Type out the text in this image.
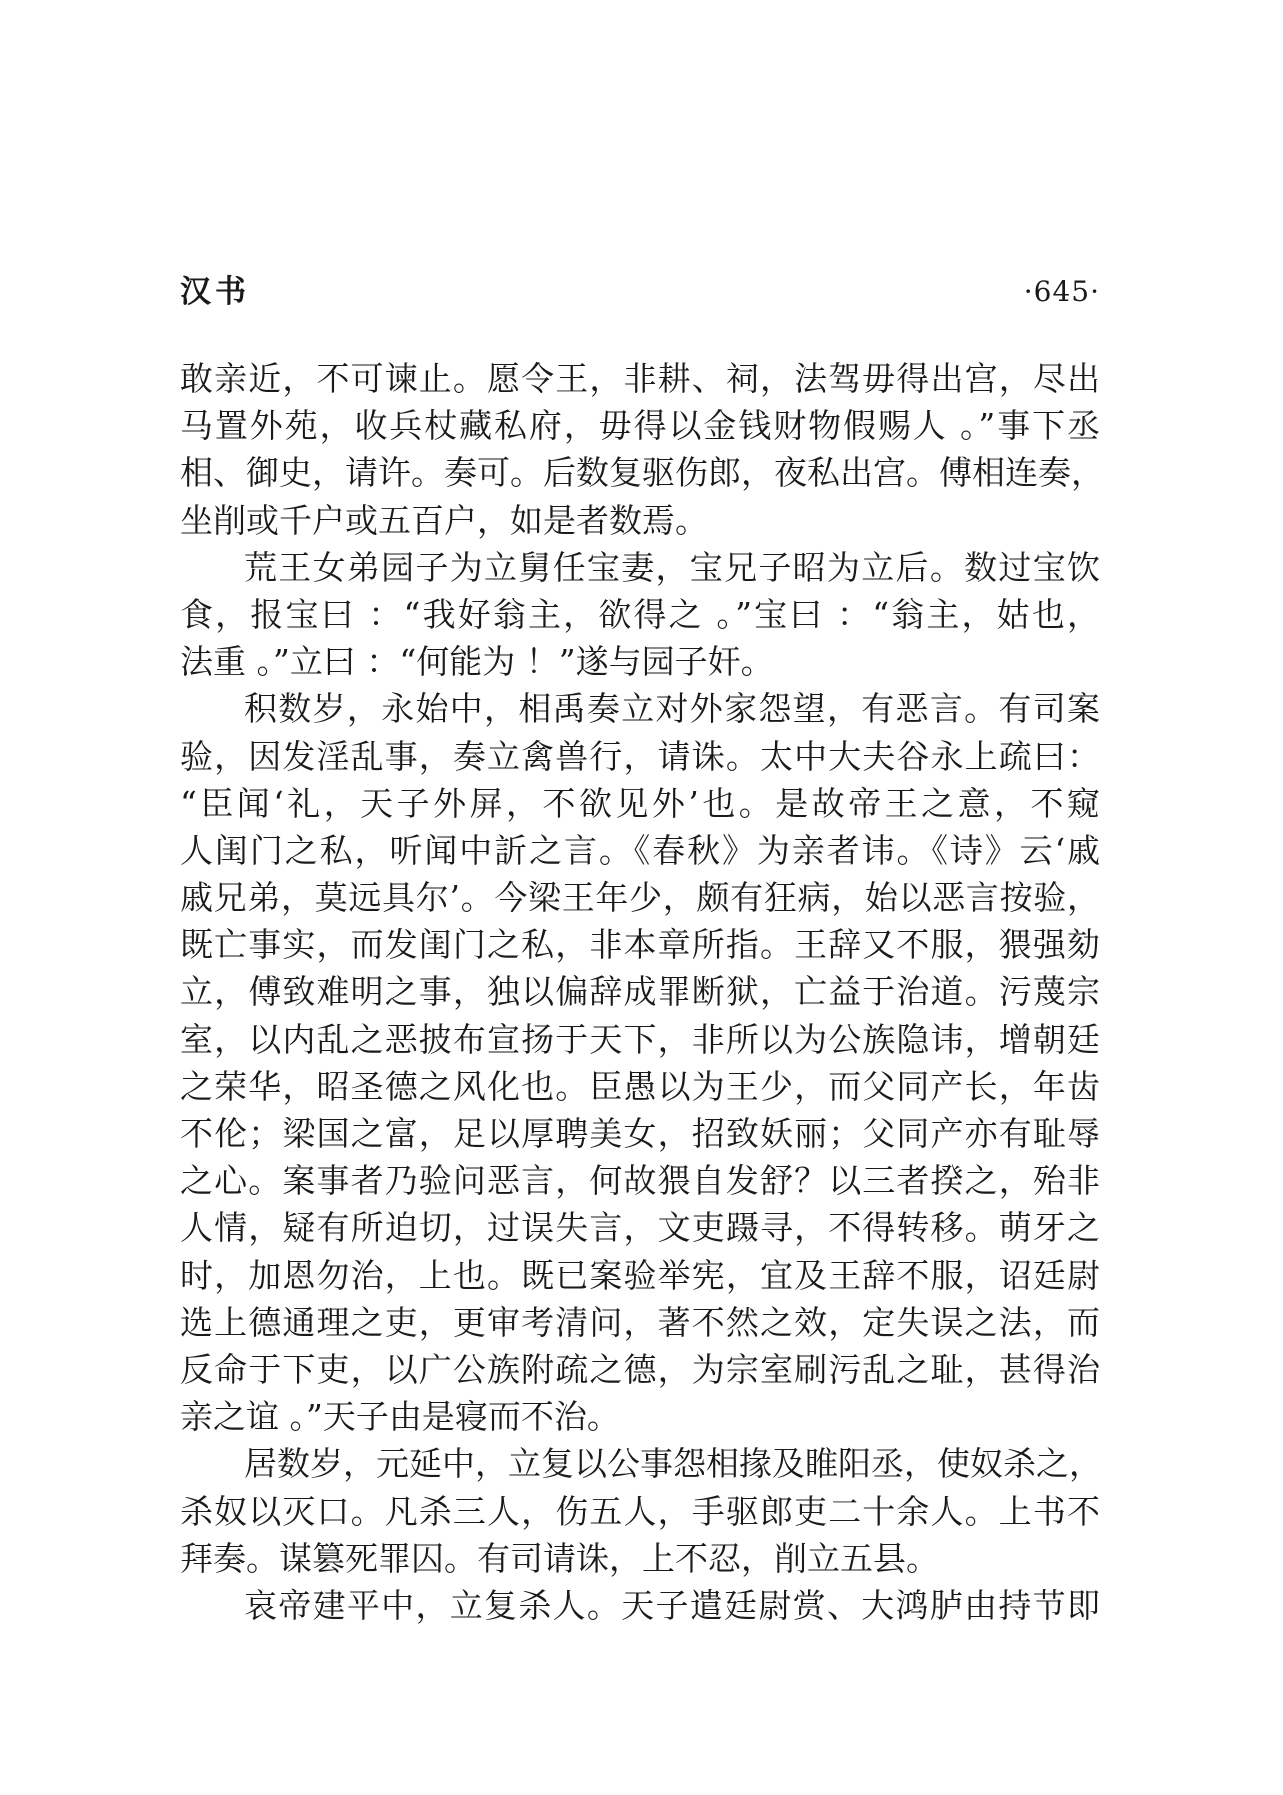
汉书	·645·
敢亲近，不可谏止。愿令王，非耕、祠，法驾毋得出宫，尽出
马置外苑，收兵杖藏私府，毋得以金钱财物假赐人 。”事下丞
相、御史，请许。奏可。后数复驱伤郎，夜私出宫。傅相连奏，
坐削或千户或五百户，如是者数焉。
荒王女弟园子为立舅任宝妻，宝兄子昭为立后。数过宝饮
食，报宝曰 ：“我好翁主，欲得之 。”宝曰 ：“翁主，姑也，
法重 。”立曰 ：“何能为 ！”遂与园子奸。
积数岁，永始中，相禹奏立对外家怨望，有恶言。有司案
验，因发淫乱事，奏立禽兽行，请诛。太中大夫谷永上疏曰：
“臣闻‘礼，天子外屏，不欲见外’也。是故帝王之意，不窥
人闺门之私，听闻中訢之言。《春秋》为亲者讳。《诗》云‘戚
戚兄弟，莫远具尔’。今梁王年少，颇有狂病，始以恶言按验，
既亡事实，而发闺门之私，非本章所指。王辞又不服，猥强劾
立，傅致难明之事，独以偏辞成罪断狱，亡益于治道。污蔑宗
室，以内乱之恶披布宣扬于天下，非所以为公族隐讳，增朝廷
之荣华，昭圣德之风化也。臣愚以为王少，而父同产长，年齿
不伦；梁国之富，足以厚聘美女，招致妖丽；父同产亦有耻辱
之心。案事者乃验问恶言，何故猥自发舒？以三者揆之，殆非
人情，疑有所迫切，过误失言，文吏蹑寻，不得转移。萌牙之
时，加恩勿治，上也。既已案验举宪，宜及王辞不服，诏廷尉
选上德通理之吏，更审考清问，著不然之效，定失误之法，而
反命于下吏，以广公族附疏之德，为宗室刷污乱之耻，甚得治
亲之谊 。”天子由是寝而不治。
居数岁，元延中，立复以公事怨相掾及睢阳丞，使奴杀之，
杀奴以灭口。凡杀三人，伤五人，手驱郎吏二十余人。上书不
拜奏。谋篡死罪囚。有司请诛，上不忍，削立五县。
哀帝建平中，立复杀人。天子遣廷尉赏、大鸿胪由持节即
